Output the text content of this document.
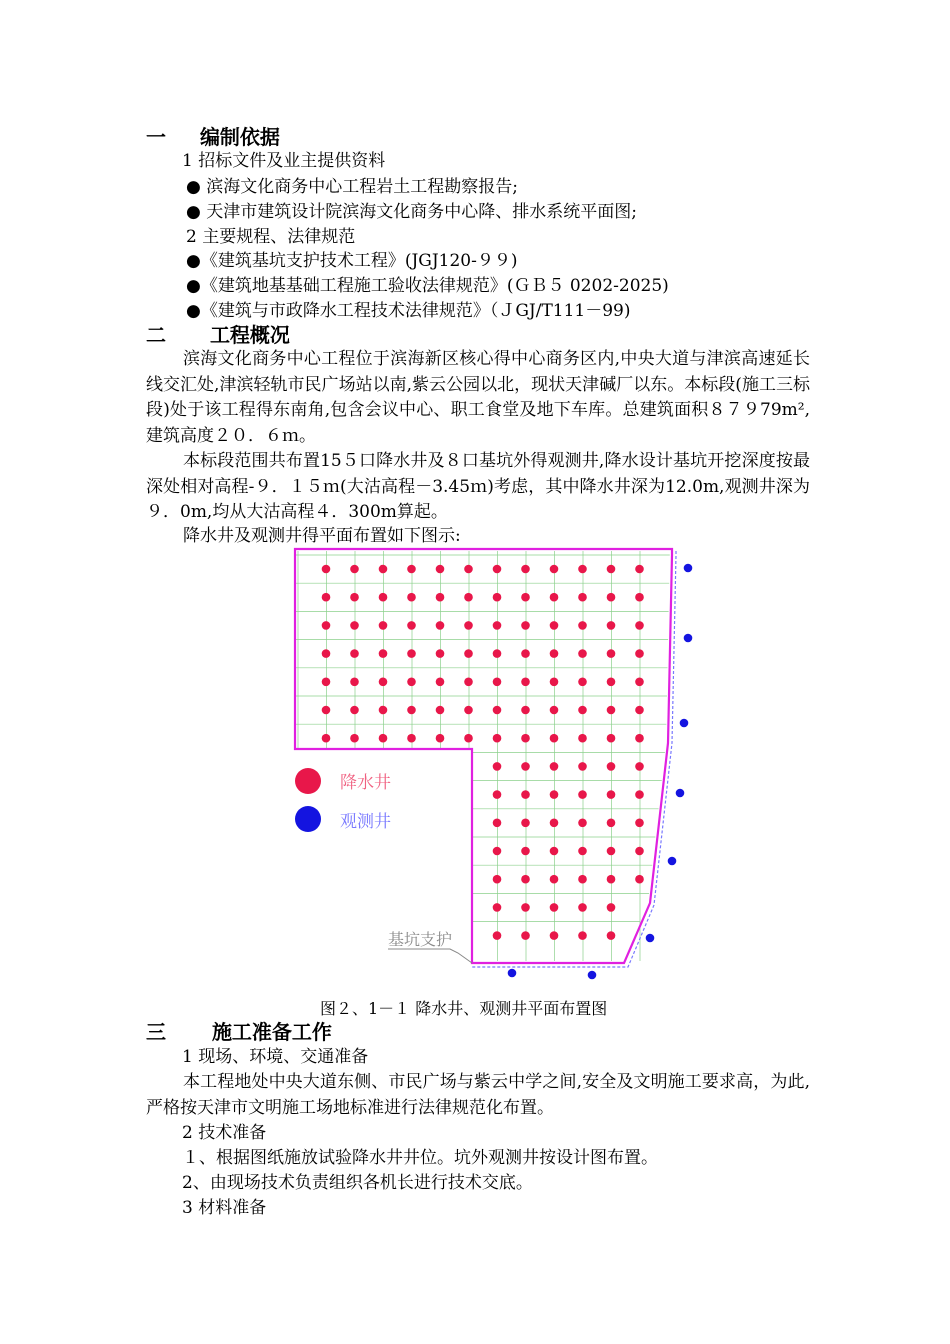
一 编制依据
1 招标文件及业主提供资料
● 滨海文化商务中心工程岩土工程勘察报告;
● 天津市建筑设计院滨海文化商务中心降、排水系统平面图;
2 主要规程、法律规范
●《建筑基坑支护技术工程》(JGJ120-９９)
●《建筑地基基础工程施工验收法律规范》(ＧＢ５ 0202-2025)
●《建筑与市政降水工程技术法律规范》（ＪGJ/T111－99)
二 工程概况
滨海文化商务中心工程位于滨海新区核心得中心商务区内,中央大道与津滨高速延长线交汇处,津滨轻轨市民广场站以南,紫云公园以北，现状天津碱厂以东。本标段(施工三标段)处于该工程得东南角,包含会议中心、职工食堂及地下车库。总建筑面积８７９79m²,建筑高度２０．６ｍ。
本标段范围共布置15５口降水井及８口基坑外得观测井,降水设计基坑开挖深度按最深处相对高程-９．１５ｍ(大沽高程－3.45ｍ)考虑，其中降水井深为12.0m,观测井深为９．0m,均从大沽高程４．300m算起。
降水井及观测井得平面布置如下图示:
降水井
观测井
基坑支护
图２、1－１ 降水井、观测井平面布置图
三 施工准备工作
1 现场、环境、交通准备
本工程地处中央大道东侧、市民广场与紫云中学之间,安全及文明施工要求高，为此,严格按天津市文明施工场地标准进行法律规范化布置。
2 技术准备
１、根据图纸施放试验降水井井位。坑外观测井按设计图布置。
2、由现场技术负责组织各机长进行技术交底。
3 材料准备
